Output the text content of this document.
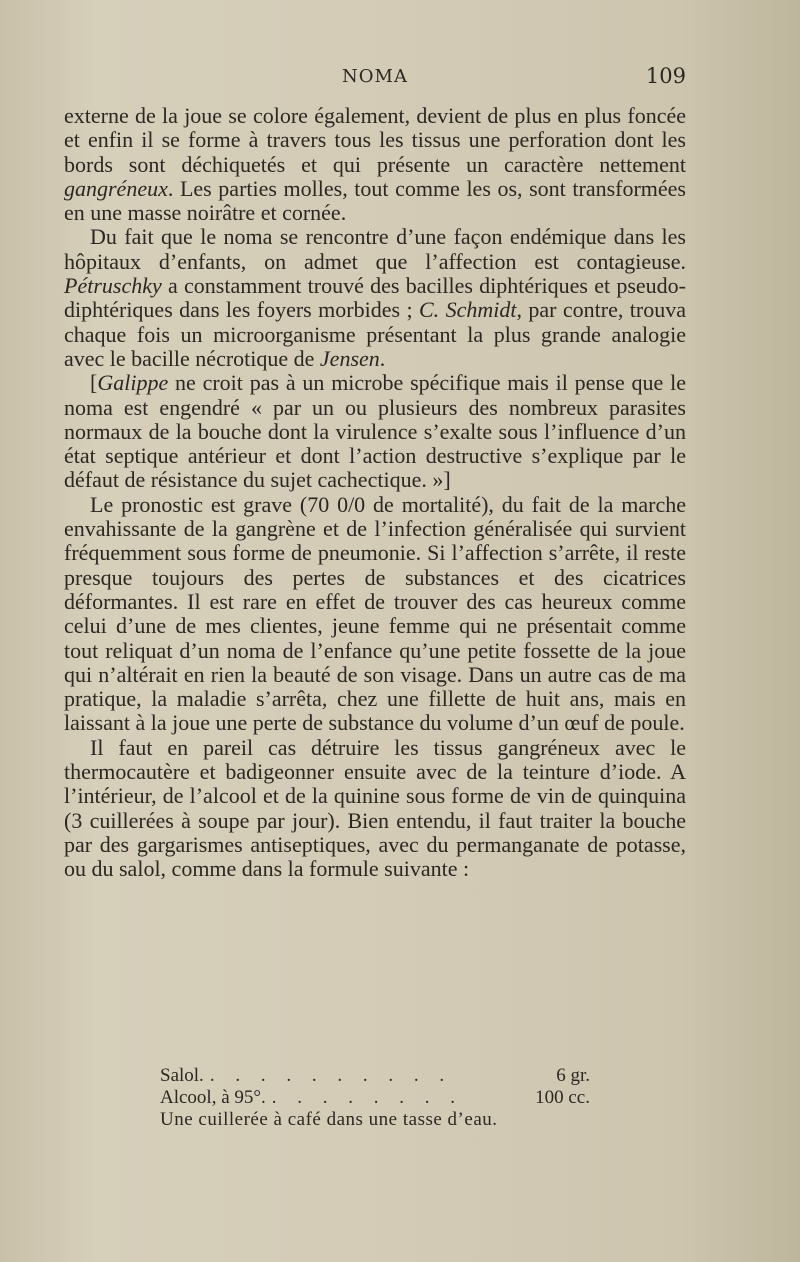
NOMA	109

externe de la joue se colore également, devient de plus en plus foncée et enfin il se forme à travers tous les tissus une perforation dont les bords sont déchiquetés et qui présente un caractère nettement gangréneux. Les parties molles, tout comme les os, sont transformées en une masse noirâtre et cornée.

Du fait que le noma se rencontre d’une façon endémique dans les hôpitaux d’enfants, on admet que l’affection est contagieuse. Pétruschky a constamment trouvé des bacilles diphtériques et pseudo-diphtériques dans les foyers morbides ; C. Schmidt, par contre, trouva chaque fois un microorganisme présentant la plus grande analogie avec le bacille nécrotique de Jensen.

[Galippe ne croit pas à un microbe spécifique mais il pense que le noma est engendré « par un ou plusieurs des nombreux parasites normaux de la bouche dont la virulence s’exalte sous l’influence d’un état septique antérieur et dont l’action destructive s’explique par le défaut de résistance du sujet cachectique. »]

Le pronostic est grave (70 0/0 de mortalité), du fait de la marche envahissante de la gangrène et de l’infection généralisée qui survient fréquemment sous forme de pneumonie. Si l’affection s’arrête, il reste presque toujours des pertes de substances et des cicatrices déformantes. Il est rare en effet de trouver des cas heureux comme celui d’une de mes clientes, jeune femme qui ne présentait comme tout reliquat d’un noma de l’enfance qu’une petite fossette de la joue qui n’altérait en rien la beauté de son visage. Dans un autre cas de ma pratique, la maladie s’arrêta, chez une fillette de huit ans, mais en laissant à la joue une perte de substance du volume d’un œuf de poule.

Il faut en pareil cas détruire les tissus gangréneux avec le thermocautère et badigeonner ensuite avec de la teinture d’iode. A l’intérieur, de l’alcool et de la quinine sous forme de vin de quinquina (3 cuillerées à soupe par jour). Bien entendu, il faut traiter la bouche par des gargarismes antiseptiques, avec du permanganate de potasse, ou du salol, comme dans la formule suivante :

Salol. . . . . . . . . . .	6 gr.
Alcool, à 95°. . . . . . . . .	100 cc.
Une cuillerée à café dans une tasse d’eau.
